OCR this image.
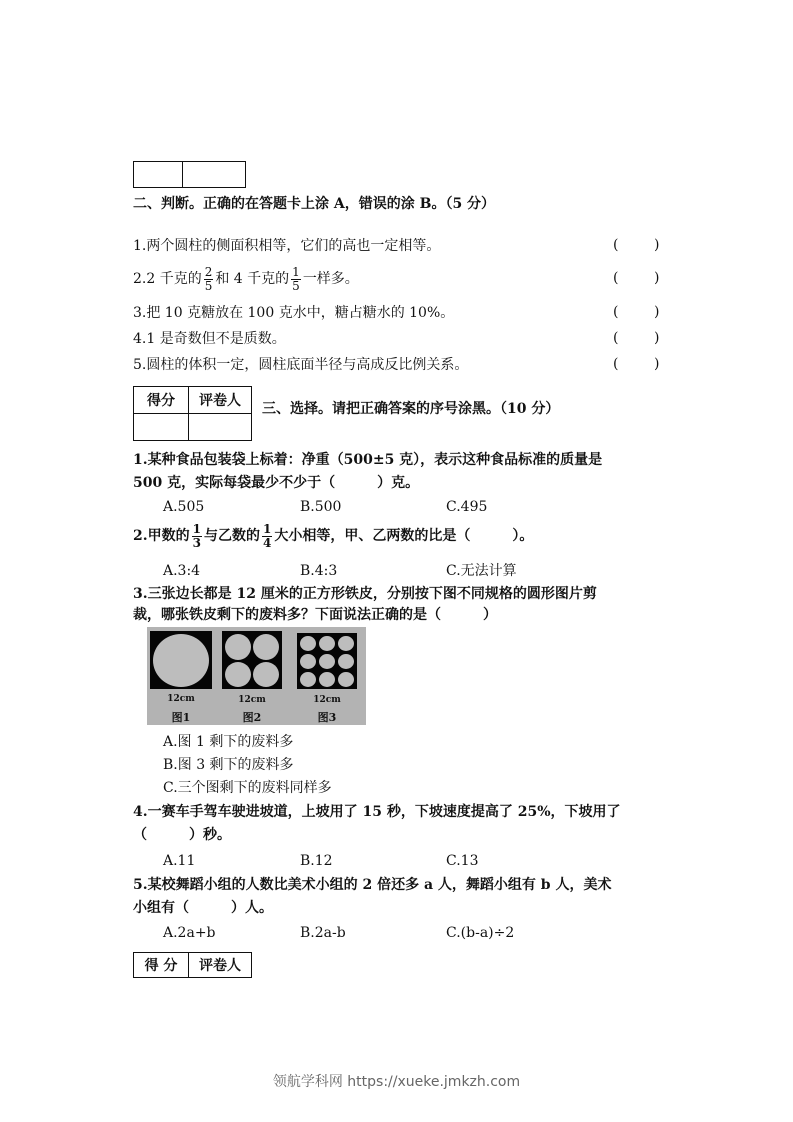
二、判断。正确的在答题卡上涂 A，错误的涂 B。（5 分）
1.两个圆柱的侧面积相等，它们的高也一定相等。	(	)
2.2 千克的 $\frac{2}{5}$ 和 4 千克的 $\frac{1}{5}$ 一样多。	(	)
3.把 10 克糖放在 100 克水中，糖占糖水的 10%。	(	)
4.1 是奇数但不是质数。	(	)
5.圆柱的体积一定，圆柱底面半径与高成反比例关系。	(	)
得分	评卷人
	三、选择。请把正确答案的序号涂黑。（10 分）
1.某种食品包装袋上标着：净重（500±5 克），表示这种食品标准的质量是
500 克，实际每袋最少不少于（　　　）克。
A.505	B.500	C.495
2.甲数的 $\frac{1}{3}$ 与乙数的 $\frac{1}{4}$ 大小相等，甲、乙两数的比是（　　　）。
A.3:4	B.4:3	C.无法计算
3.三张边长都是 12 厘米的正方形铁皮，分别按下图不同规格的圆形图片剪
裁，哪张铁皮剩下的废料多？下面说法正确的是（　　　）
12cm
图1
12cm
图2
12cm
图3
A.图 1 剩下的废料多
B.图 3 剩下的废料多
C.三个图剩下的废料同样多
4.一赛车手驾车驶进坡道，上坡用了 15 秒，下坡速度提高了 25%，下坡用了
（　　　）秒。
A.11	B.12	C.13
5.某校舞蹈小组的人数比美术小组的 2 倍还多 a 人，舞蹈小组有 b 人，美术
小组有（　　　）人。
A.2a+b	B.2a-b	C.(b-a)÷2
得 分	评卷人
领航学科网 https://xueke.jmkzh.com
